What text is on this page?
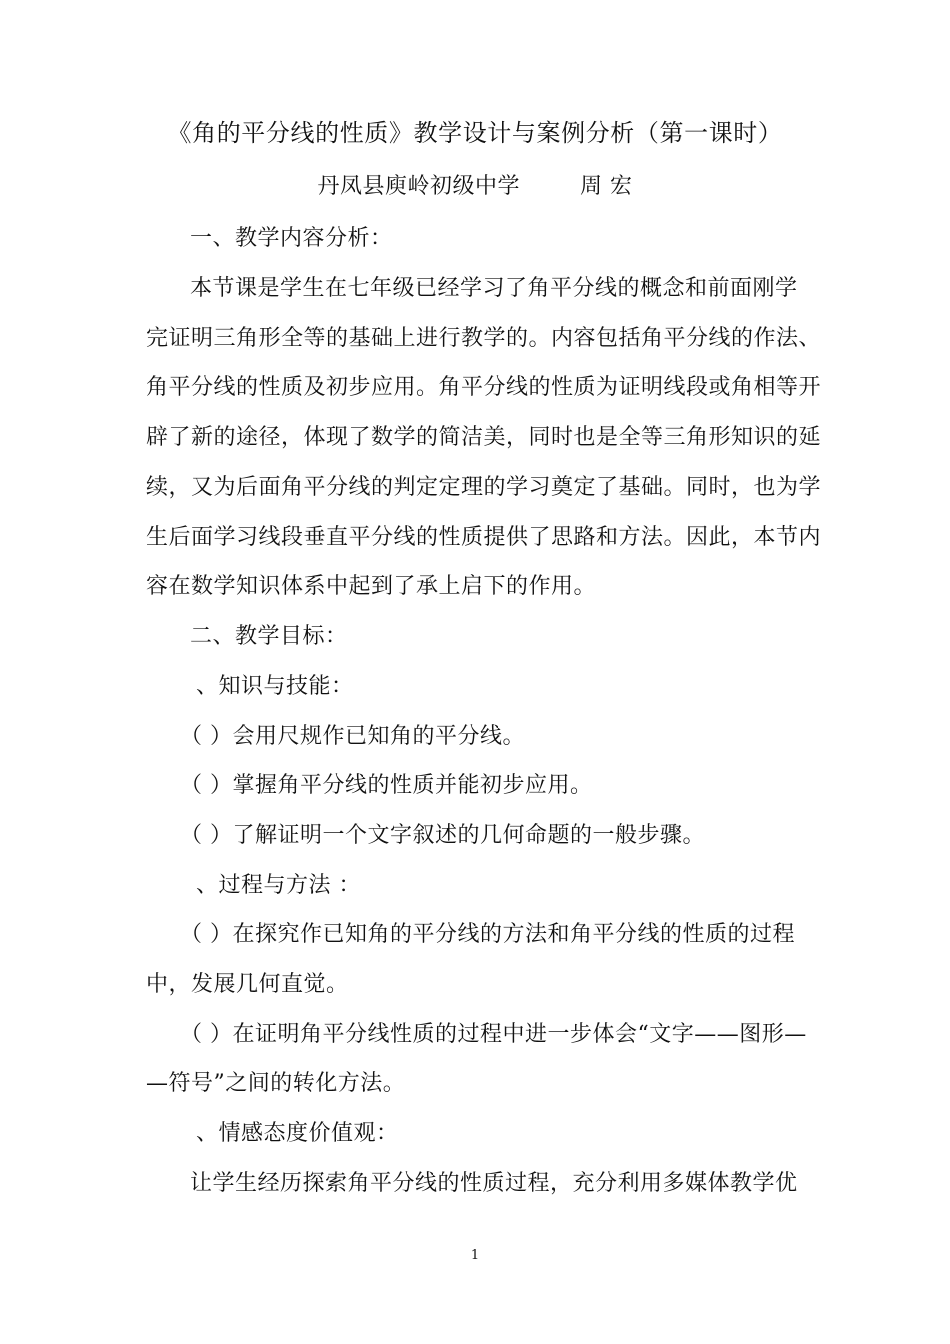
《角的平分线的性质》教学设计与案例分析（第一课时）
丹凤县庾岭初级中学	周 宏
一、教学内容分析：
本节课是学生在七年级已经学习了角平分线的概念和前面刚学
完证明三角形全等的基础上进行教学的。内容包括角平分线的作法、
角平分线的性质及初步应用。角平分线的性质为证明线段或角相等开
辟了新的途径，体现了数学的简洁美，同时也是全等三角形知识的延
续，又为后面角平分线的判定定理的学习奠定了基础。同时，也为学
生后面学习线段垂直平分线的性质提供了思路和方法。因此，本节内
容在数学知识体系中起到了承上启下的作用。
二、教学目标：
、知识与技能：
（ ）会用尺规作已知角的平分线。
（ ）掌握角平分线的性质并能初步应用。
（ ）了解证明一个文字叙述的几何命题的一般步骤。
、过程与方法 ：
（ ）在探究作已知角的平分线的方法和角平分线的性质的过程
中，发展几何直觉。
（ ）在证明角平分线性质的过程中进一步体会“文字——图形—
—符号”之间的转化方法。
、情感态度价值观：
让学生经历探索角平分线的性质过程，充分利用多媒体教学优
1
